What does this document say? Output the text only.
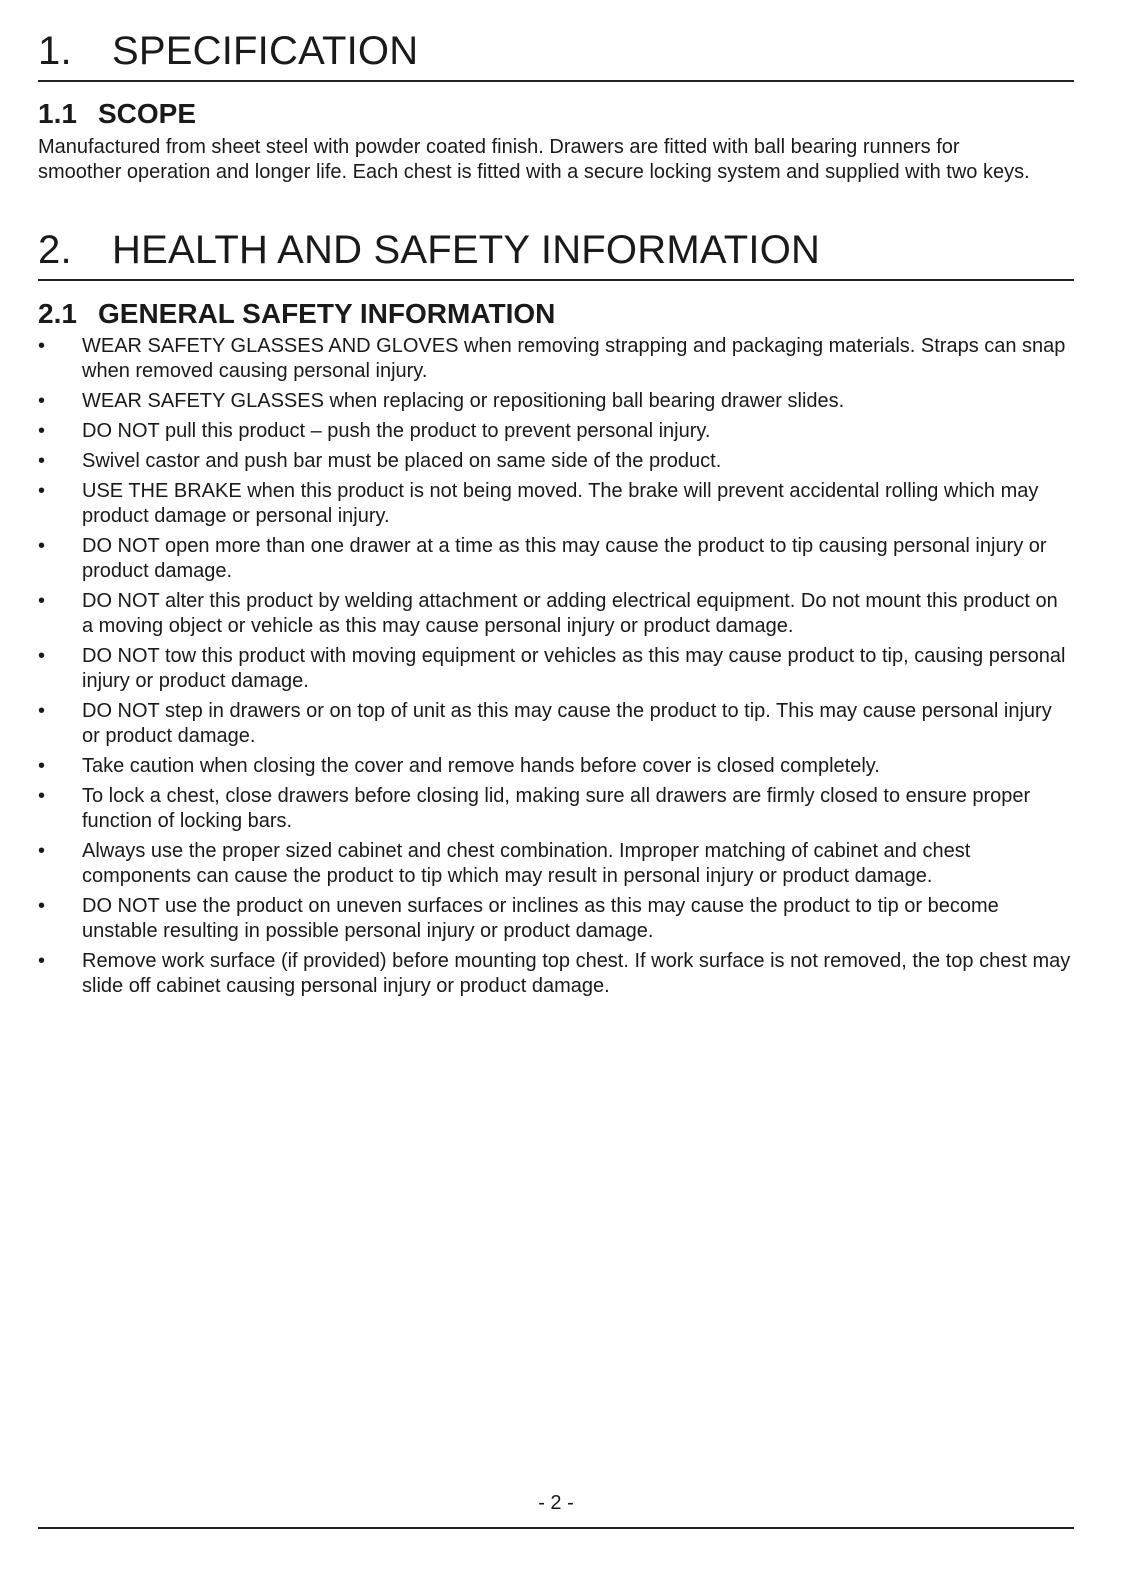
1. SPECIFICATION
1.1 SCOPE

Manufactured from sheet steel with powder coated finish. Drawers are fitted with ball bearing runners for smoother operation and longer life. Each chest is fitted with a secure locking system and supplied with two keys.

2. HEALTH AND SAFETY INFORMATION
2.1 GENERAL SAFETY INFORMATION
•	WEAR SAFETY GLASSES AND GLOVES when removing strapping and packaging materials. Straps can snap when removed causing personal injury.
•	WEAR SAFETY GLASSES when replacing or repositioning ball bearing drawer slides.
•	DO NOT pull this product – push the product to prevent personal injury.
•	Swivel castor and push bar must be placed on same side of the product.
•	USE THE BRAKE when this product is not being moved. The brake will prevent accidental rolling which may product damage or personal injury.
•	DO NOT open more than one drawer at a time as this may cause the product to tip causing personal injury or product damage.
•	DO NOT alter this product by welding attachment or adding electrical equipment. Do not mount this product on a moving object or vehicle as this may cause personal injury or product damage.
•	DO NOT tow this product with moving equipment or vehicles as this may cause product to tip, causing personal injury or product damage.
•	DO NOT step in drawers or on top of unit as this may cause the product to tip. This may cause personal injury or product damage.
•	Take caution when closing the cover and remove hands before cover is closed completely.
•	To lock a chest, close drawers before closing lid, making sure all drawers are firmly closed to ensure proper function of locking bars.
•	Always use the proper sized cabinet and chest combination. Improper matching of cabinet and chest components can cause the product to tip which may result in personal injury or product damage.
•	DO NOT use the product on uneven surfaces or inclines as this may cause the product to tip or become unstable resulting in possible personal injury or product damage.
•	Remove work surface (if provided) before mounting top chest. If work surface is not removed, the top chest may slide off cabinet causing personal injury or product damage.
- 2 -
